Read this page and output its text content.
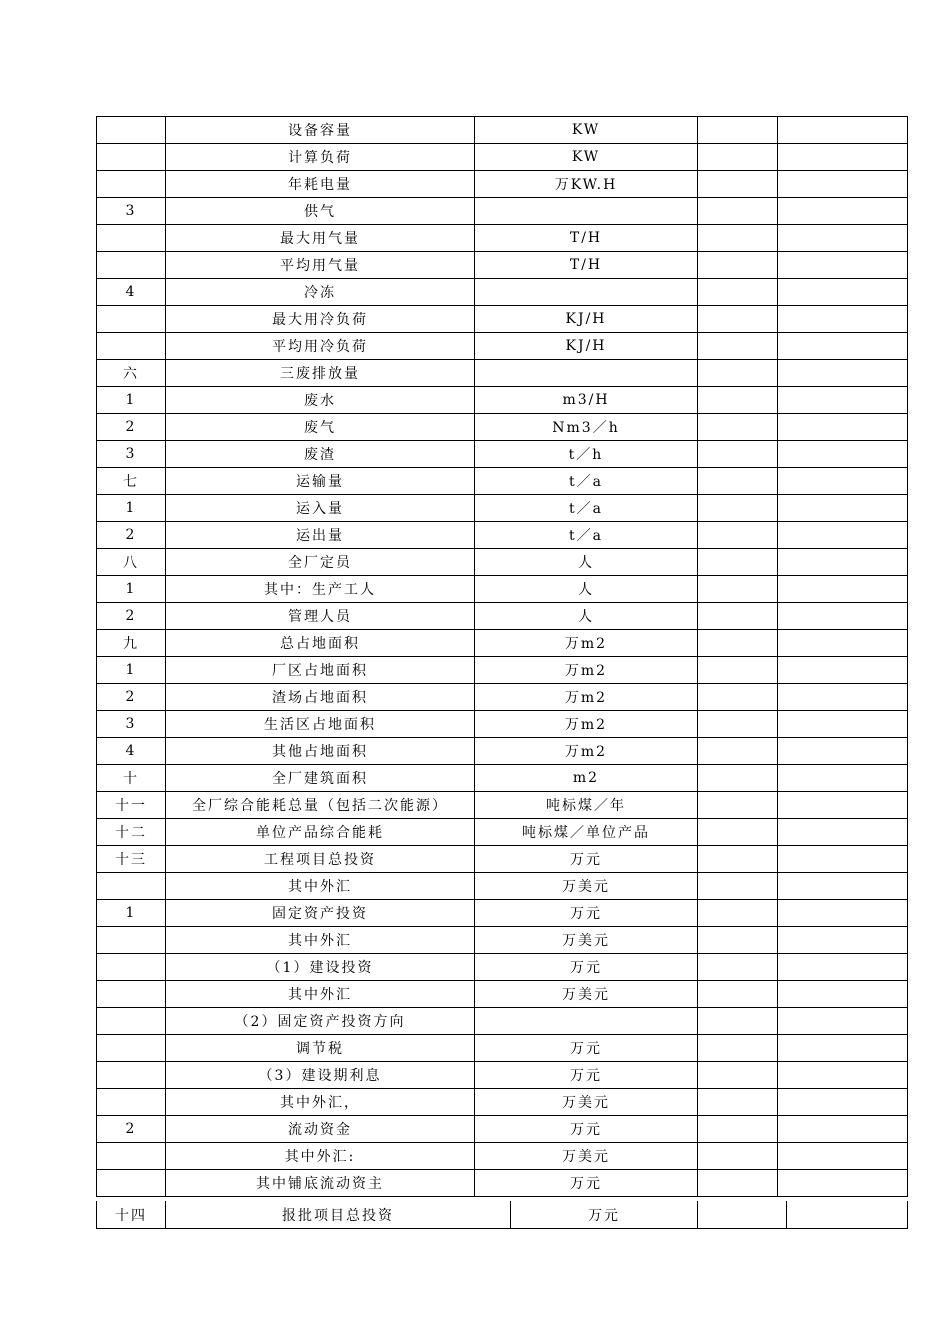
	设备容量	KW		
	计算负荷	KW		
	年耗电量	万KW.H		
3	供气			
	最大用气量	T/H		
	平均用气量	T/H		
4	冷冻			
	最大用冷负荷	KJ/H		
	平均用冷负荷	KJ/H		
六	三废排放量			
1	废水	m3/H		
2	废气	Nm3／h		
3	废渣	t／h		
七	运输量	t／a		
1	运入量	t／a		
2	运出量	t／a		
八	全厂定员	人		
1	其中：生产工人	人		
2	管理人员	人		
九	总占地面积	万m2		
1	厂区占地面积	万m2		
2	渣场占地面积	万m2		
3	生活区占地面积	万m2		
4	其他占地面积	万m2		
十	全厂建筑面积	m2		
十一	全厂综合能耗总量（包括二次能源）	吨标煤／年		
十二	单位产品综合能耗	吨标煤／单位产品		
十三	工程项目总投资	万元		
	其中外汇	万美元		
1	固定资产投资	万元		
	其中外汇	万美元		
	（1）建设投资	万元		
	其中外汇	万美元		
	（2）固定资产投资方向			
	调节税	万元		
	（3）建设期利息	万元		
	其中外汇，	万美元		
2	流动资金	万元		
	其中外汇:	万美元		
	其中铺底流动资主	万元		
十四	报批项目总投资	万元		
